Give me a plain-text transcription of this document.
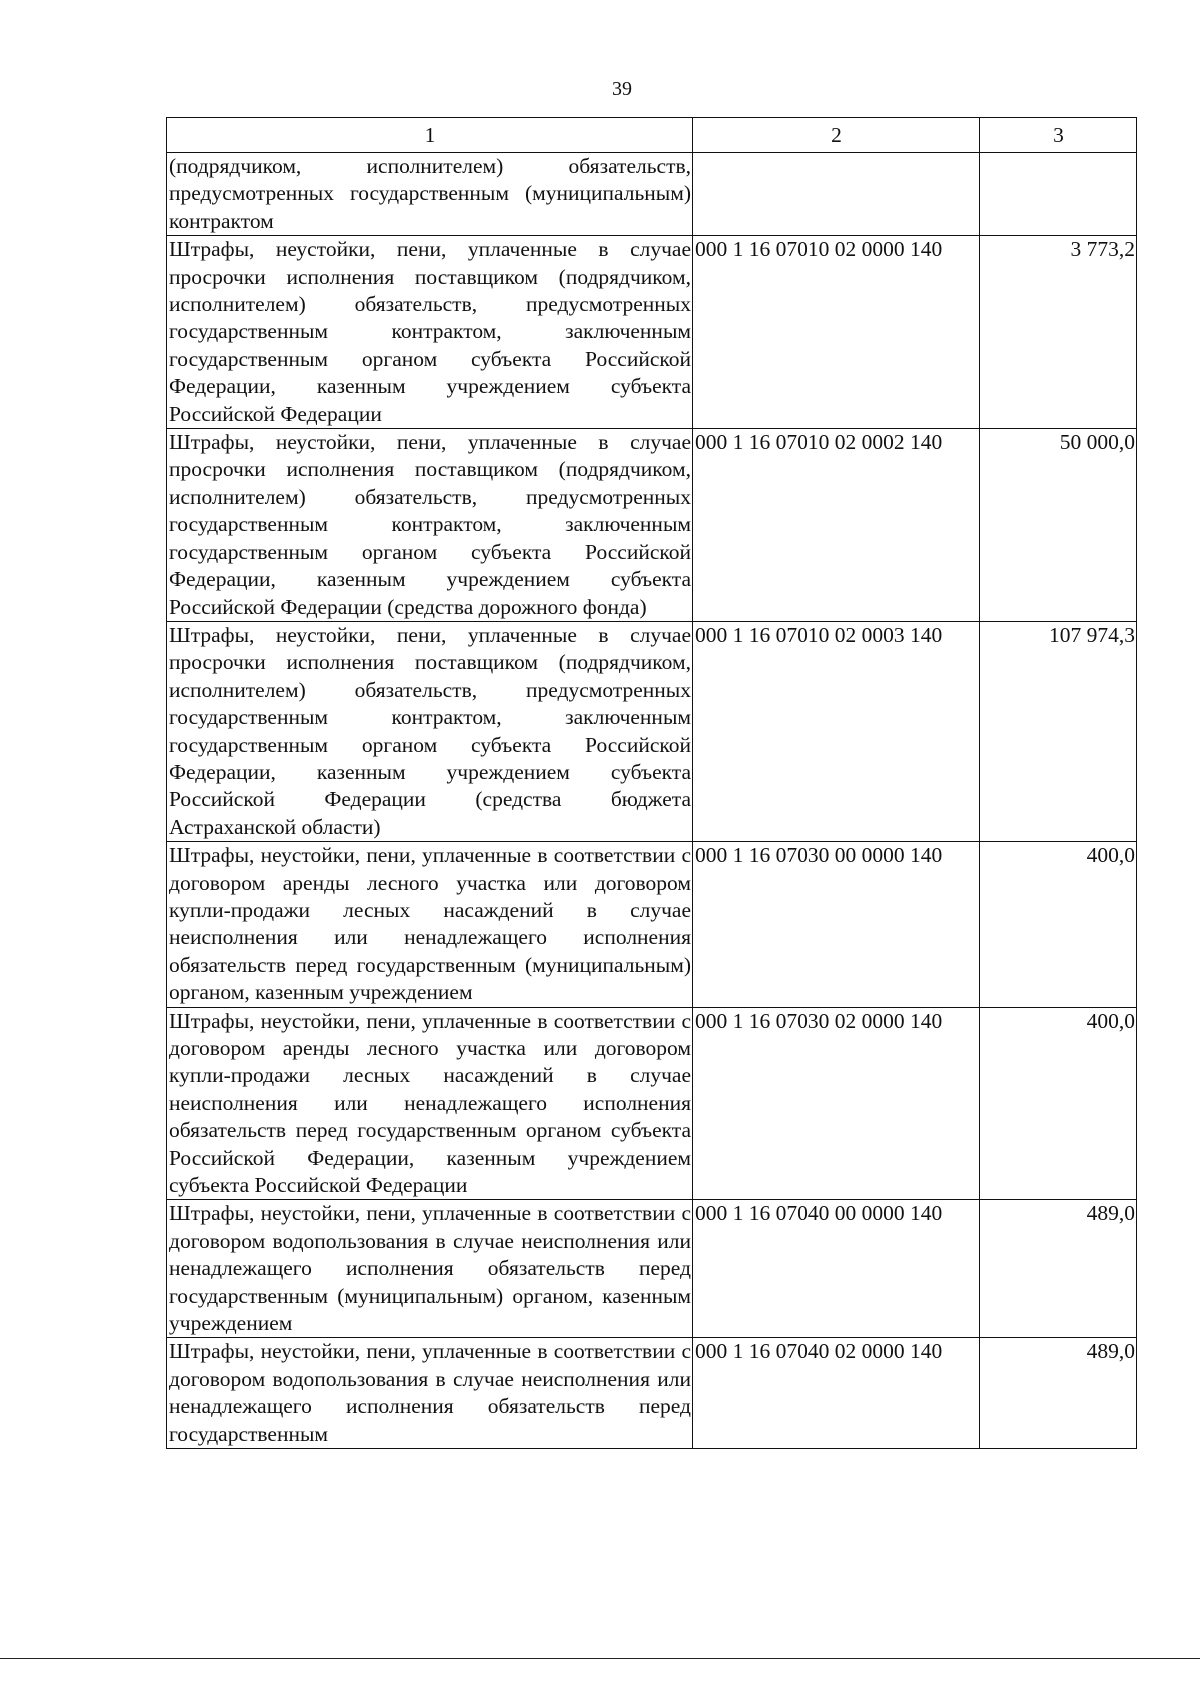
39
1	2	3
(подрядчиком, исполнителем) обязательств, предусмотренных государственным (муниципальным) контрактом		
Штрафы, неустойки, пени, уплаченные в случае просрочки исполнения поставщиком (подрядчиком, исполнителем) обязательств, предусмотренных государственным контрактом, заключенным государственным органом субъекта Российской Федерации, казенным учреждением субъекта Российской Федерации	000 1 16 07010 02 0000 140	3 773,2
Штрафы, неустойки, пени, уплаченные в случае просрочки исполнения поставщиком (подрядчиком, исполнителем) обязательств, предусмотренных государственным контрактом, заключенным государственным органом субъекта Российской Федерации, казенным учреждением субъекта Российской Федерации (средства дорожного фонда)	000 1 16 07010 02 0002 140	50 000,0
Штрафы, неустойки, пени, уплаченные в случае просрочки исполнения поставщиком (подрядчиком, исполнителем) обязательств, предусмотренных государственным контрактом, заключенным государственным органом субъекта Российской Федерации, казенным учреждением субъекта Российской Федерации (средства бюджета Астраханской области)	000 1 16 07010 02 0003 140	107 974,3
Штрафы, неустойки, пени, уплаченные в соответствии с договором аренды лесного участка или договором купли-продажи лесных насаждений в случае неисполнения или ненадлежащего исполнения обязательств перед государственным (муниципальным) органом, казенным учреждением	000 1 16 07030 00 0000 140	400,0
Штрафы, неустойки, пени, уплаченные в соответствии с договором аренды лесного участка или договором купли-продажи лесных насаждений в случае неисполнения или ненадлежащего исполнения обязательств перед государственным органом субъекта Российской Федерации, казенным учреждением субъекта Российской Федерации	000 1 16 07030 02 0000 140	400,0
Штрафы, неустойки, пени, уплаченные в соответствии с договором водопользования в случае неисполнения или ненадлежащего исполнения обязательств перед государственным (муниципальным) органом, казенным учреждением	000 1 16 07040 00 0000 140	489,0
Штрафы, неустойки, пени, уплаченные в соответствии с договором водопользования в случае неисполнения или ненадлежащего исполнения обязательств перед государственным	000 1 16 07040 02 0000 140	489,0
